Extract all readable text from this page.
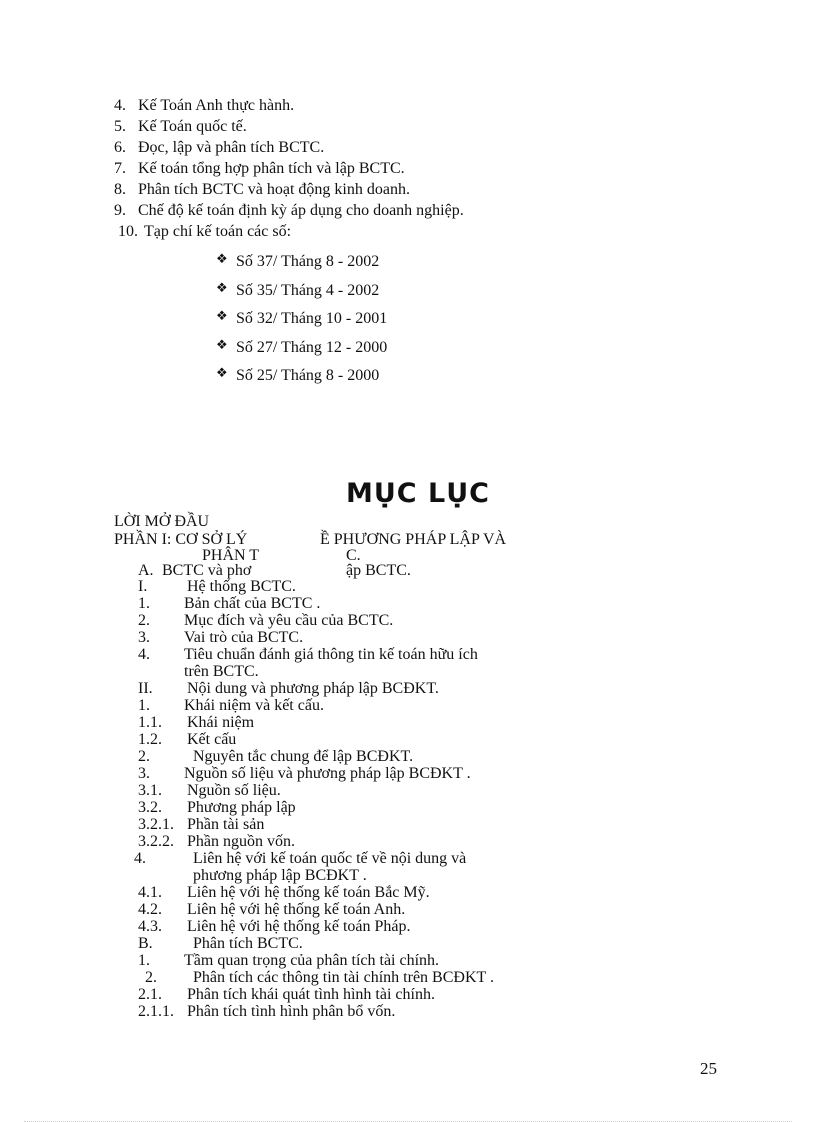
4. Kế Toán Anh thực hành.
5. Kế Toán quốc tế.
6. Đọc, lập và phân tích BCTC.
7. Kế toán tổng hợp phân tích và lập BCTC.
8. Phân tích BCTC và hoạt động kinh doanh.
9. Chế độ kế toán định kỳ áp dụng cho doanh nghiệp.
10. Tạp chí kế toán các số:
❖ Số 37/ Tháng 8 - 2002
❖ Số 35/ Tháng 4 - 2002
❖ Số 32/ Tháng 10 - 2001
❖ Số 27/ Tháng 12 - 2000
❖ Số 25/ Tháng 8 - 2000
MỤC LỤC
LỜI MỞ ĐẦU
PHẦN I: CƠ SỞ LÝ	Ề PHƯƠNG PHÁP LẬP VÀ
PHÂN T	C.
A. BCTC và phơ	ập BCTC.
I. Hệ thống BCTC.
1. Bản chất của BCTC .
2. Mục đích và yêu cầu của BCTC.
3. Vai trò của BCTC.
4. Tiêu chuẩn đánh giá thông tin kế toán hữu ích
trên BCTC.
II. Nội dung và phương pháp lập BCĐKT.
1. Khái niệm và kết cấu.
1.1. Khái niệm
1.2. Kết cấu
2.	Nguyên tắc chung để lập BCĐKT.
3. Nguồn số liệu và phương pháp lập BCĐKT .
3.1. Nguồn số liệu.
3.2. Phương pháp lập
3.2.1. Phần tài sản
3.2.2. Phần nguồn vốn.
4.	Liên hệ với kế toán quốc tế về nội dung và
phương pháp lập BCĐKT .
4.1. Liên hệ với hệ thống kế toán Bắc Mỹ.
4.2. Liên hệ với hệ thống kế toán Anh.
4.3. Liên hệ với hệ thống kế toán Pháp.
B.	Phân tích BCTC.
1. Tầm quan trọng của phân tích tài chính.
2. Phân tích các thông tin tài chính trên BCĐKT .
2.1. Phân tích khái quát tình hình tài chính.
2.1.1. Phân tích tình hình phân bổ vốn.
25
